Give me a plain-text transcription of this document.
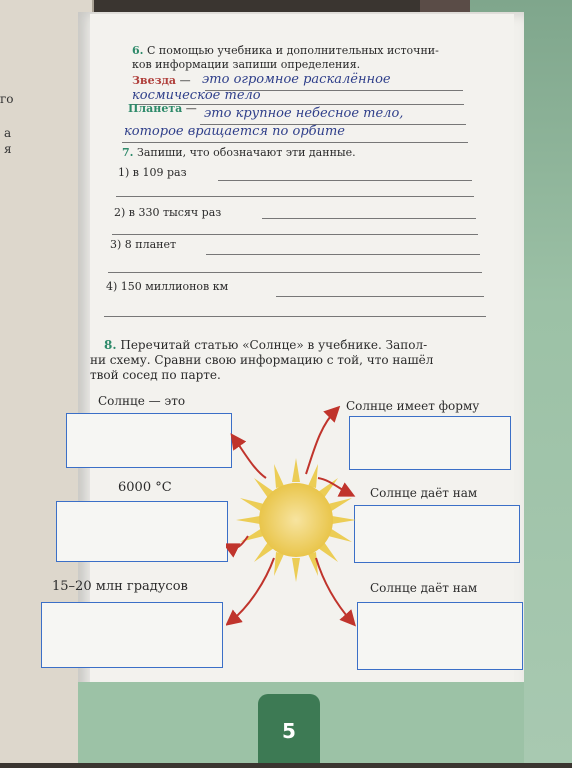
го
а
я
6. С помощью учебника и дополнительных источни-
ков информации запиши определения.
Звезда — это огромное раскалённое
космическое тело
Планета — это крупное небесное тело,
которое вращается по орбите
7. Запиши, что обозначают эти данные.
1) в 109 раз
2) в 330 тысяч раз
3) 8 планет
4) 150 миллионов км
8. Перечитай статью «Солнце» в учебнике. Запол-
ни схему. Сравни свою информацию с той, что нашёл
твой сосед по парте.
Солнце — это	Солнце имеет форму
6000 °C	Солнце даёт нам
15–20 млн градусов	Солнце даёт нам
5
